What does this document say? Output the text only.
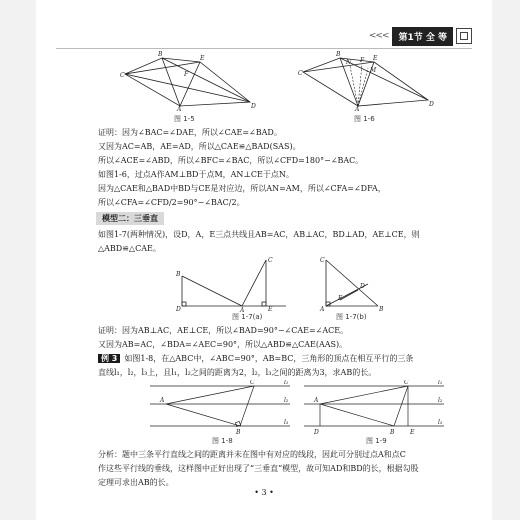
<<<	第1节 全 等
C
B
E
A	D
F
图 1-5
C
B
E
A
D
N
M
F
图 1-6
证明：因为∠BAC=∠DAE，所以∠CAE=∠BAD。
又因为AC=AB，AE=AD，所以△CAE≌△BAD(SAS)。
所以∠ACE=∠ABD，所以∠BFC=∠BAC，所以∠CFD=180°−∠BAC。
如图1-6，过点A作AM⊥BD于点M，AN⊥CE于点N。
因为△CAE和△BAD中BD与CE是对应边，所以AN=AM，所以∠CFA=∠DFA，
所以∠CFA=∠CFD/2=90°−∠BAC/2。
模型二：三垂直
如图1-7(两种情况)，设D，A，E三点共线且AB=AC，AB⊥AC，BD⊥AD，AE⊥CE，则
△ABD≌△CAE。
B
D	A
C
E
图 1-7(a)
C
A	B
D
E
图 1-7(b)
证明：因为AB⊥AC，AE⊥CE，所以∠BAD=90°−∠CAE=∠ACE。
又因为AB=AC，∠BDA=∠AEC=90°，所以△ABD≌△CAE(AAS)。
例 3 如图1-8，在△ABC中，∠ABC=90°，AB=BC，三角形的顶点在相互平行的三条
直线l₁，l₂，l₃上，且l₁，l₂之间的距离为2，l₂，l₃之间的距离为3，求AB的长。
A
B
C	l₁
l₂
l₃
图 1-8
A
D	B
C
E
l₁
l₂
l₃
图 1-9
分析：题中三条平行直线之间的距离并未在图中有对应的线段，因此可分别过点A和点C
作这些平行线的垂线，这样图中正好出现了“三垂直”模型，故可知AD和BD的长，根据勾股
定理可求出AB的长。
• 3 •
